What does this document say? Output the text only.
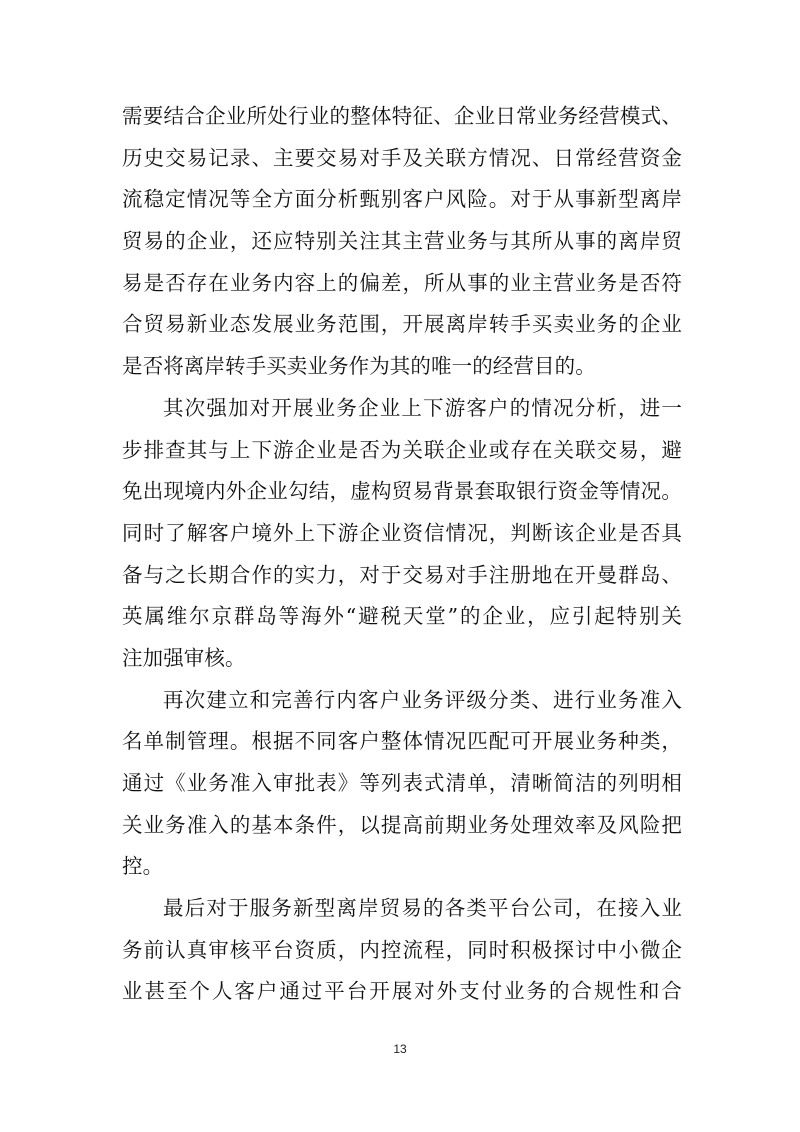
需要结合企业所处行业的整体特征、企业日常业务经营模式、
历史交易记录、主要交易对手及关联方情况、日常经营资金
流稳定情况等全方面分析甄别客户风险。对于从事新型离岸
贸易的企业，还应特别关注其主营业务与其所从事的离岸贸
易是否存在业务内容上的偏差，所从事的业主营业务是否符
合贸易新业态发展业务范围，开展离岸转手买卖业务的企业
是否将离岸转手买卖业务作为其的唯一的经营目的。
其次强加对开展业务企业上下游客户的情况分析，进一
步排查其与上下游企业是否为关联企业或存在关联交易，避
免出现境内外企业勾结，虚构贸易背景套取银行资金等情况。
同时了解客户境外上下游企业资信情况，判断该企业是否具
备与之长期合作的实力，对于交易对手注册地在开曼群岛、
英属维尔京群岛等海外“避税天堂”的企业，应引起特别关
注加强审核。
再次建立和完善行内客户业务评级分类、进行业务准入
名单制管理。根据不同客户整体情况匹配可开展业务种类，
通过《业务准入审批表》等列表式清单，清晰简洁的列明相
关业务准入的基本条件，以提高前期业务处理效率及风险把
控。
最后对于服务新型离岸贸易的各类平台公司，在接入业
务前认真审核平台资质，内控流程，同时积极探讨中小微企
业甚至个人客户通过平台开展对外支付业务的合规性和合
13
